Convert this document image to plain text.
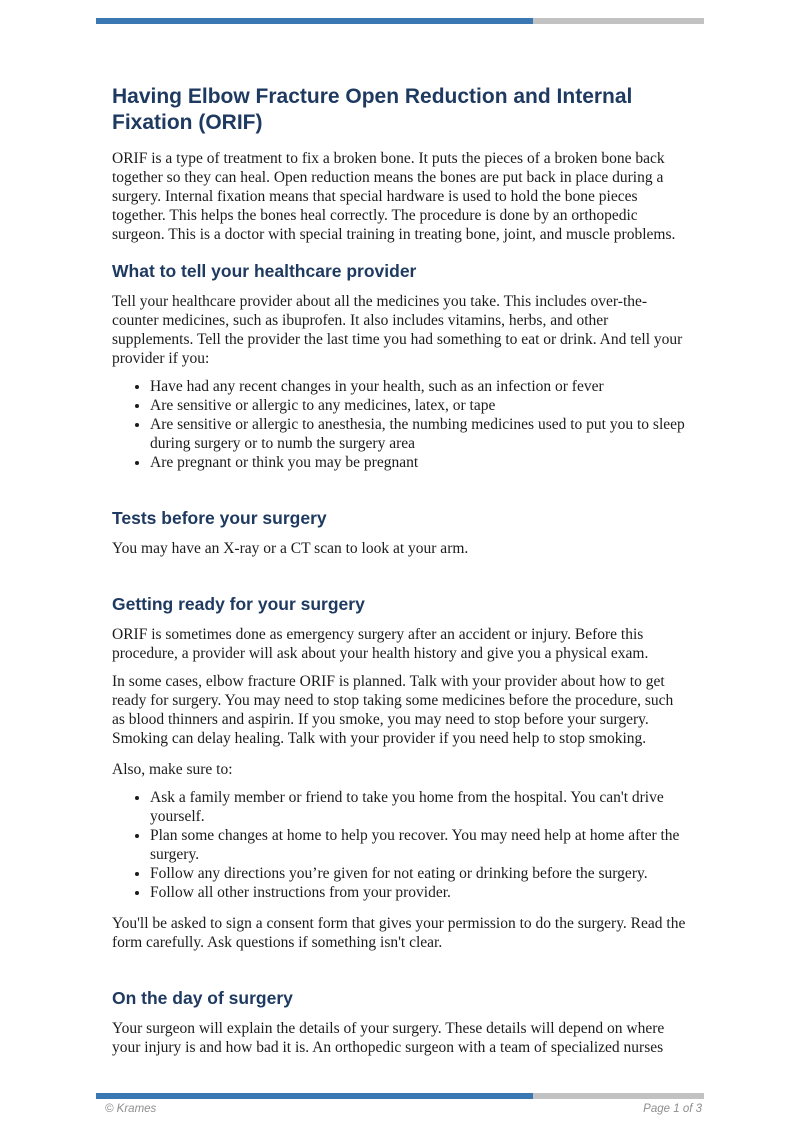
Having Elbow Fracture Open Reduction and Internal Fixation (ORIF)

ORIF is a type of treatment to fix a broken bone. It puts the pieces of a broken bone back together so they can heal. Open reduction means the bones are put back in place during a surgery. Internal fixation means that special hardware is used to hold the bone pieces together. This helps the bones heal correctly. The procedure is done by an orthopedic surgeon. This is a doctor with special training in treating bone, joint, and muscle problems.

What to tell your healthcare provider

Tell your healthcare provider about all the medicines you take. This includes over-the-counter medicines, such as ibuprofen. It also includes vitamins, herbs, and other supplements. Tell the provider the last time you had something to eat or drink. And tell your provider if you:

• Have had any recent changes in your health, such as an infection or fever
• Are sensitive or allergic to any medicines, latex, or tape
• Are sensitive or allergic to anesthesia, the numbing medicines used to put you to sleep during surgery or to numb the surgery area
• Are pregnant or think you may be pregnant
Tests before your surgery

You may have an X-ray or a CT scan to look at your arm.

Getting ready for your surgery

ORIF is sometimes done as emergency surgery after an accident or injury. Before this procedure, a provider will ask about your health history and give you a physical exam.

In some cases, elbow fracture ORIF is planned. Talk with your provider about how to get ready for surgery. You may need to stop taking some medicines before the procedure, such as blood thinners and aspirin. If you smoke, you may need to stop before your surgery. Smoking can delay healing. Talk with your provider if you need help to stop smoking.

Also, make sure to:

• Ask a family member or friend to take you home from the hospital. You can't drive yourself.
• Plan some changes at home to help you recover. You may need help at home after the surgery.
• Follow any directions you’re given for not eating or drinking before the surgery.
• Follow all other instructions from your provider.

You'll be asked to sign a consent form that gives your permission to do the surgery. Read the form carefully. Ask questions if something isn't clear.

On the day of surgery

Your surgeon will explain the details of your surgery. These details will depend on where your injury is and how bad it is. An orthopedic surgeon with a team of specialized nurses

© Krames	Page 1 of 3
